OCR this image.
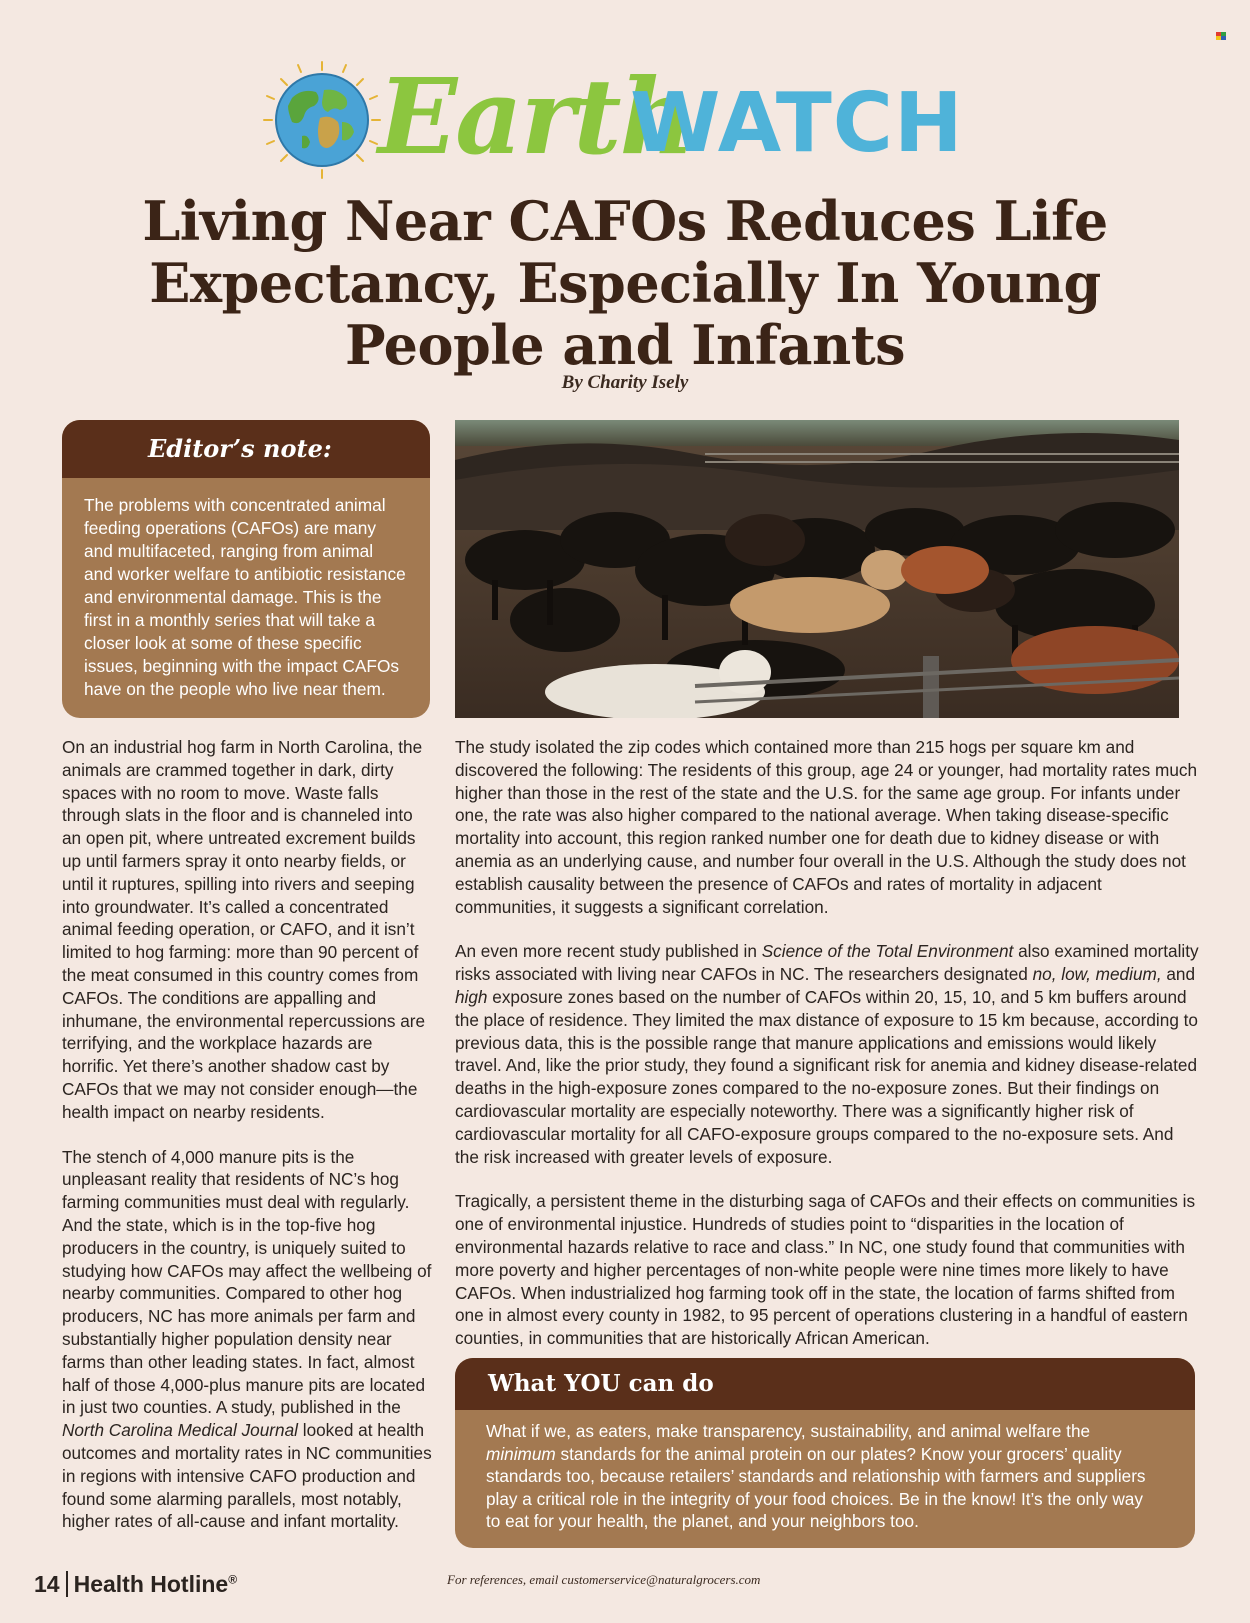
Earth
WATCH
Living Near CAFOs Reduces Life
Expectancy, Especially In Young
People and Infants
By Charity Isely
Editor’s note:
The problems with concentrated animal feeding operations (CAFOs) are many and multifaceted, ranging from animal and worker welfare to antibiotic resistance and environmental damage. This is the first in a monthly series that will take a closer look at some of these specific issues, beginning with the impact CAFOs have on the people who live near them.

On an industrial hog farm in North Carolina, the animals are crammed together in dark, dirty spaces with no room to move. Waste falls through slats in the floor and is channeled into an open pit, where untreated excrement builds up until farmers spray it onto nearby fields, or until it ruptures, spilling into rivers and seeping into groundwater. It’s called a concentrated animal feeding operation, or CAFO, and it isn’t limited to hog farming: more than 90 percent of the meat consumed in this country comes from CAFOs. The conditions are appalling and inhumane, the environmental repercussions are terrifying, and the workplace hazards are horrific. Yet there’s another shadow cast by CAFOs that we may not consider enough—the health impact on nearby residents.

The stench of 4,000 manure pits is the unpleasant reality that residents of NC’s hog farming communities must deal with regularly. And the state, which is in the top-five hog producers in the country, is uniquely suited to studying how CAFOs may affect the wellbeing of nearby communities. Compared to other hog producers, NC has more animals per farm and substantially higher population density near farms than other leading states. In fact, almost half of those 4,000-plus manure pits are located in just two counties. A study, published in the North Carolina Medical Journal looked at health outcomes and mortality rates in NC communities in regions with intensive CAFO production and found some alarming parallels, most notably, higher rates of all-cause and infant mortality.

The study isolated the zip codes which contained more than 215 hogs per square km and discovered the following: The residents of this group, age 24 or younger, had mortality rates much higher than those in the rest of the state and the U.S. for the same age group. For infants under one, the rate was also higher compared to the national average. When taking disease-specific mortality into account, this region ranked number one for death due to kidney disease or with anemia as an underlying cause, and number four overall in the U.S. Although the study does not establish causality between the presence of CAFOs and rates of mortality in adjacent communities, it suggests a significant correlation.

An even more recent study published in Science of the Total Environment also examined mortality risks associated with living near CAFOs in NC. The researchers designated no, low, medium, and high exposure zones based on the number of CAFOs within 20, 15, 10, and 5 km buffers around the place of residence. They limited the max distance of exposure to 15 km because, according to previous data, this is the possible range that manure applications and emissions would likely travel. And, like the prior study, they found a significant risk for anemia and kidney disease-related deaths in the high-exposure zones compared to the no-exposure zones. But their findings on cardiovascular mortality are especially noteworthy. There was a significantly higher risk of cardiovascular mortality for all CAFO-exposure groups compared to the no-exposure sets. And the risk increased with greater levels of exposure.

Tragically, a persistent theme in the disturbing saga of CAFOs and their effects on communities is one of environmental injustice. Hundreds of studies point to “disparities in the location of environmental hazards relative to race and class.” In NC, one study found that communities with more poverty and higher percentages of non-white people were nine times more likely to have CAFOs. When industrialized hog farming took off in the state, the location of farms shifted from one in almost every county in 1982, to 95 percent of operations clustering in a handful of eastern counties, in communities that are historically African American.

What YOU can do
What if we, as eaters, make transparency, sustainability, and animal welfare the minimum standards for the animal protein on our plates? Know your grocers’ quality standards too, because retailers’ standards and relationship with farmers and suppliers play a critical role in the integrity of your food choices. Be in the know! It’s the only way to eat for your health, the planet, and your neighbors too.
14 Health Hotline®	For references, email customerservice@naturalgrocers.com
